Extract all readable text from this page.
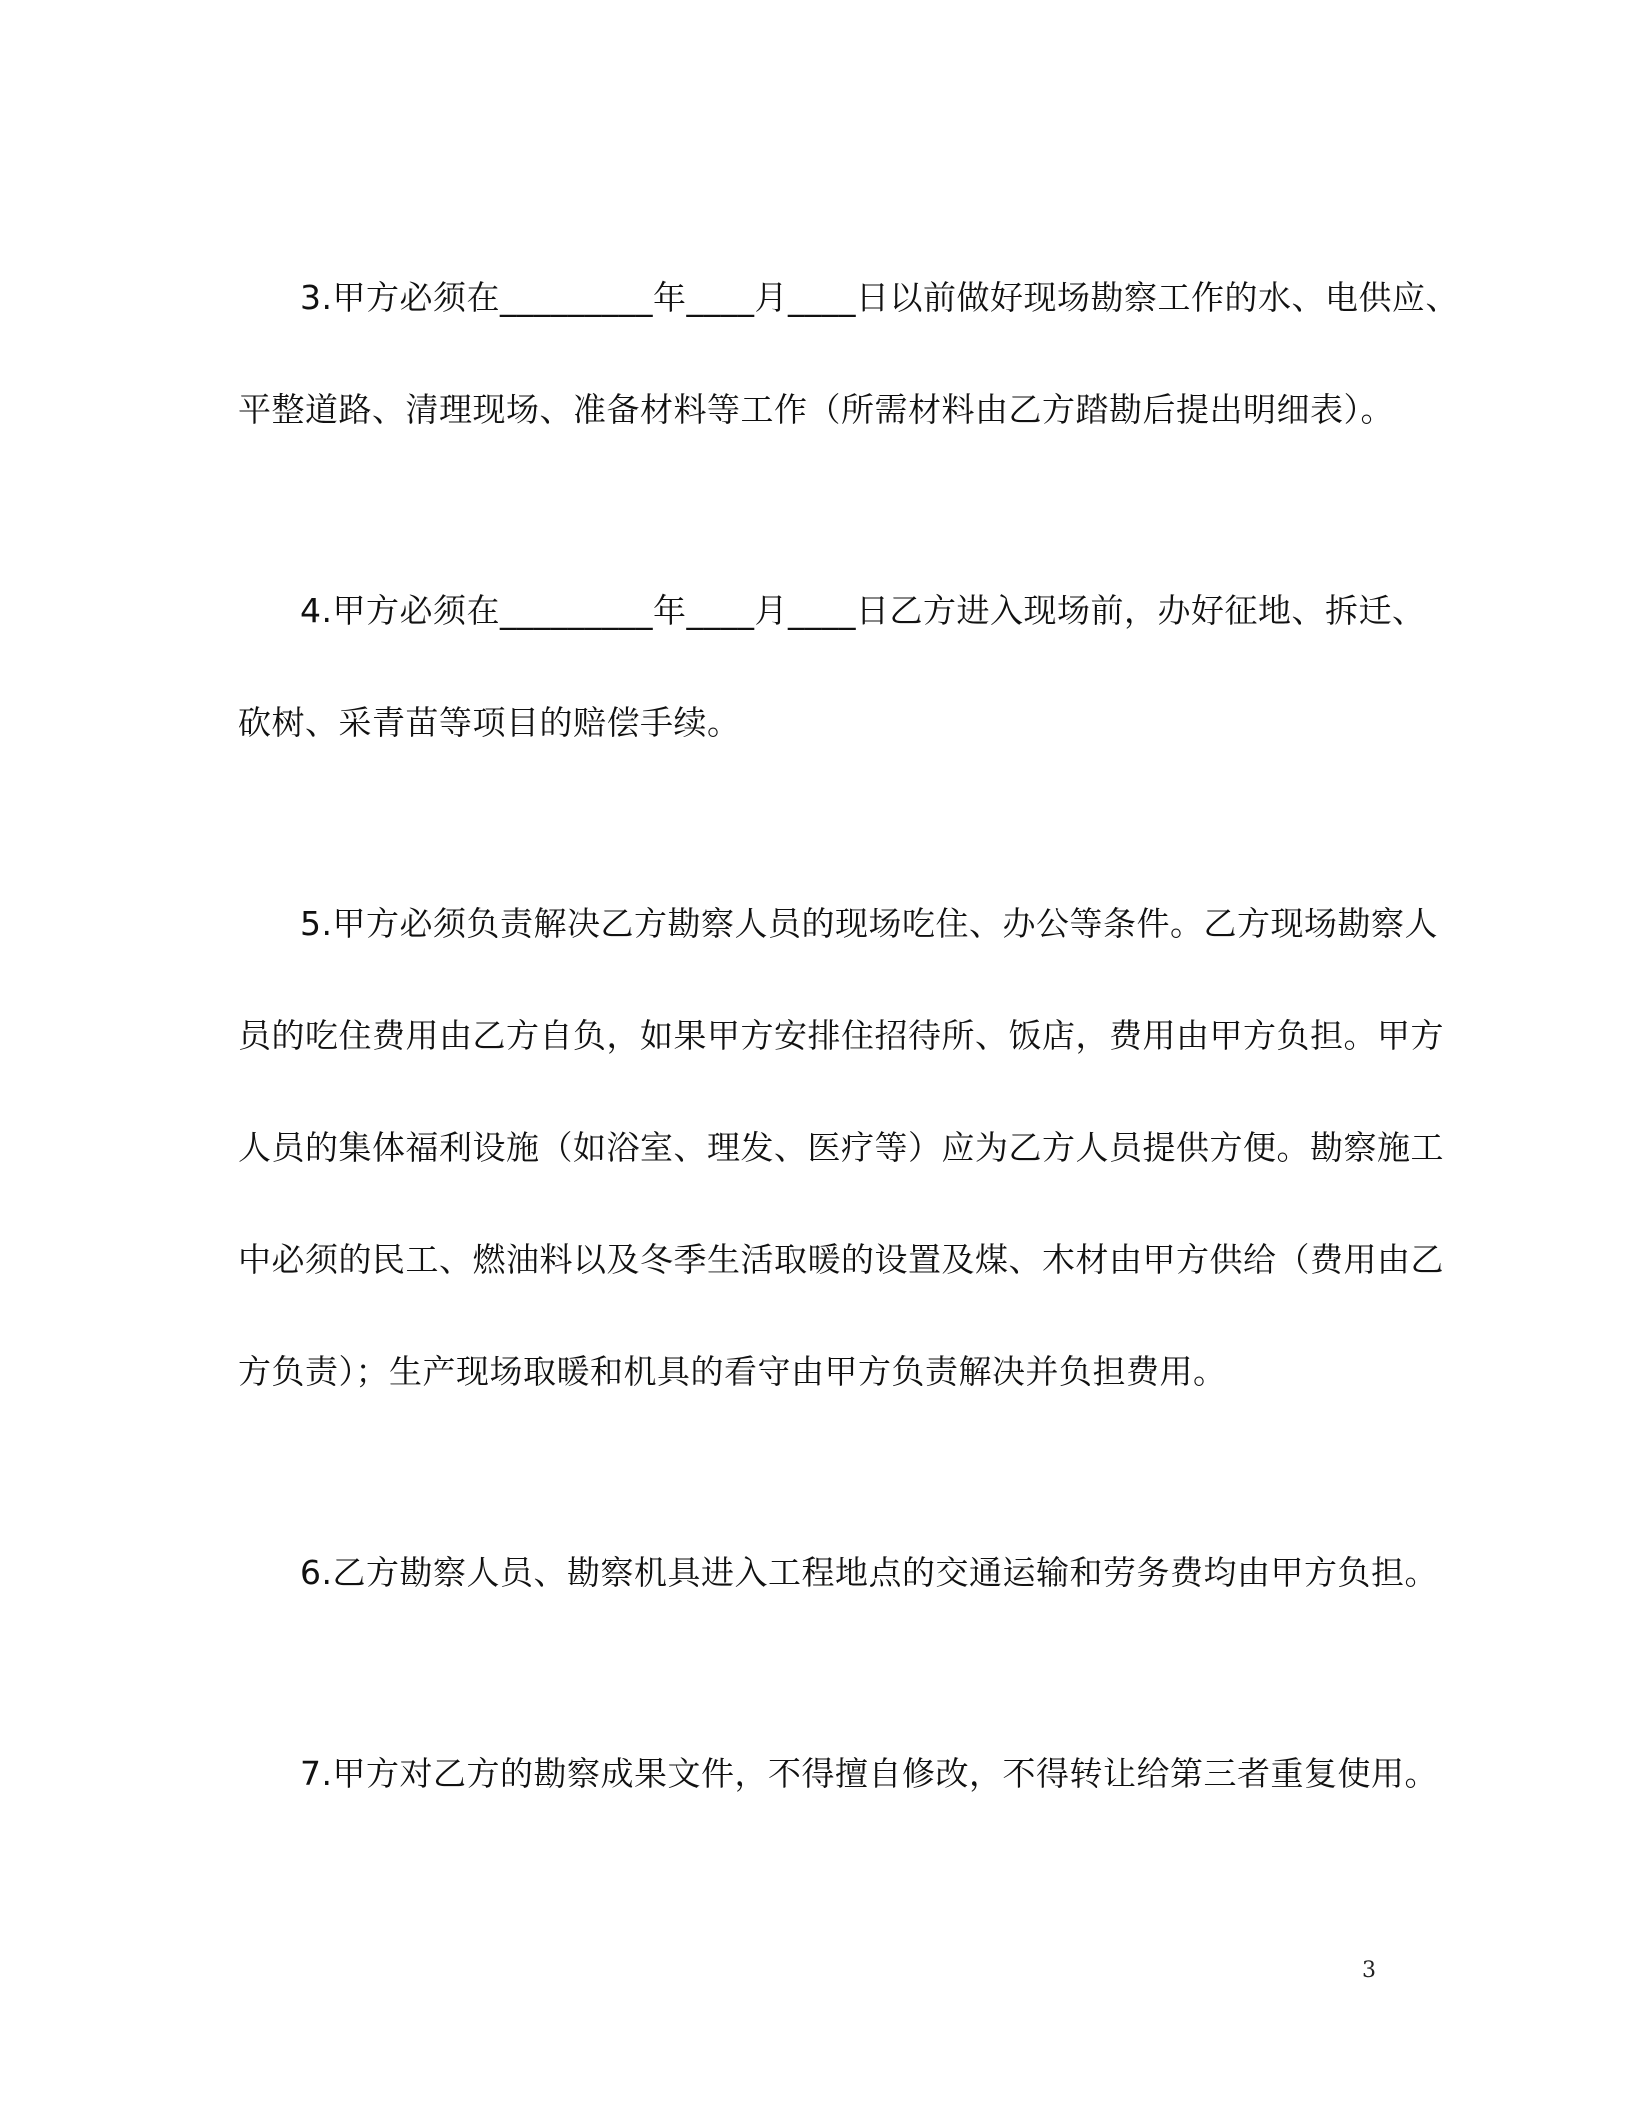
3.甲方必须在_________年____月____日以前做好现场勘察工作的水、电供应、
平整道路、清理现场、准备材料等工作（所需材料由乙方踏勘后提出明细表）。
4.甲方必须在_________年____月____日乙方进入现场前，办好征地、拆迁、
砍树、采青苗等项目的赔偿手续。
5.甲方必须负责解决乙方勘察人员的现场吃住、办公等条件。乙方现场勘察人
员的吃住费用由乙方自负，如果甲方安排住招待所、饭店，费用由甲方负担。甲方
人员的集体福利设施（如浴室、理发、医疗等）应为乙方人员提供方便。勘察施工
中必须的民工、燃油料以及冬季生活取暖的设置及煤、木材由甲方供给（费用由乙
方负责）；生产现场取暖和机具的看守由甲方负责解决并负担费用。
6.乙方勘察人员、勘察机具进入工程地点的交通运输和劳务费均由甲方负担。
7.甲方对乙方的勘察成果文件，不得擅自修改，不得转让给第三者重复使用。
3
